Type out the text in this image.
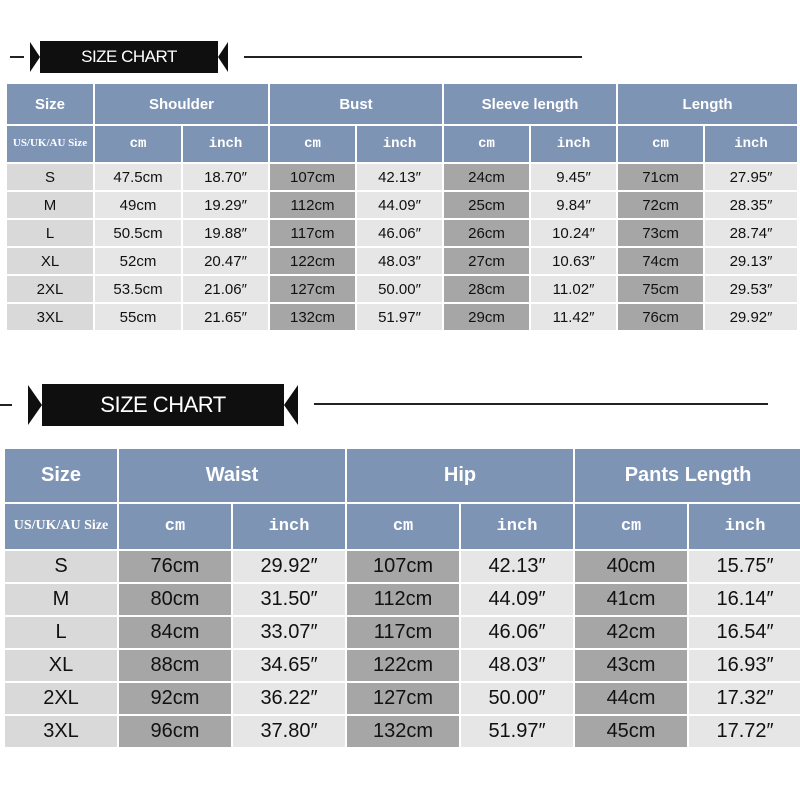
SIZE CHART
Size	Shoulder		Bust		Sleeve length		Length	
US/UK/AU Size	cm	inch	cm	inch	cm	inch	cm	inch
S	47.5cm	18.70″	107cm	42.13″	24cm	9.45″	71cm	27.95″
M	49cm	19.29″	112cm	44.09″	25cm	9.84″	72cm	28.35″
L	50.5cm	19.88″	117cm	46.06″	26cm	10.24″	73cm	28.74″
XL	52cm	20.47″	122cm	48.03″	27cm	10.63″	74cm	29.13″
2XL	53.5cm	21.06″	127cm	50.00″	28cm	11.02″	75cm	29.53″
3XL	55cm	21.65″	132cm	51.97″	29cm	11.42″	76cm	29.92″
SIZE CHART
Size	Waist		Hip		Pants Length	
US/UK/AU Size	cm	inch	cm	inch	cm	inch
S	76cm	29.92″	107cm	42.13″	40cm	15.75″
M	80cm	31.50″	112cm	44.09″	41cm	16.14″
L	84cm	33.07″	117cm	46.06″	42cm	16.54″
XL	88cm	34.65″	122cm	48.03″	43cm	16.93″
2XL	92cm	36.22″	127cm	50.00″	44cm	17.32″
3XL	96cm	37.80″	132cm	51.97″	45cm	17.72″
